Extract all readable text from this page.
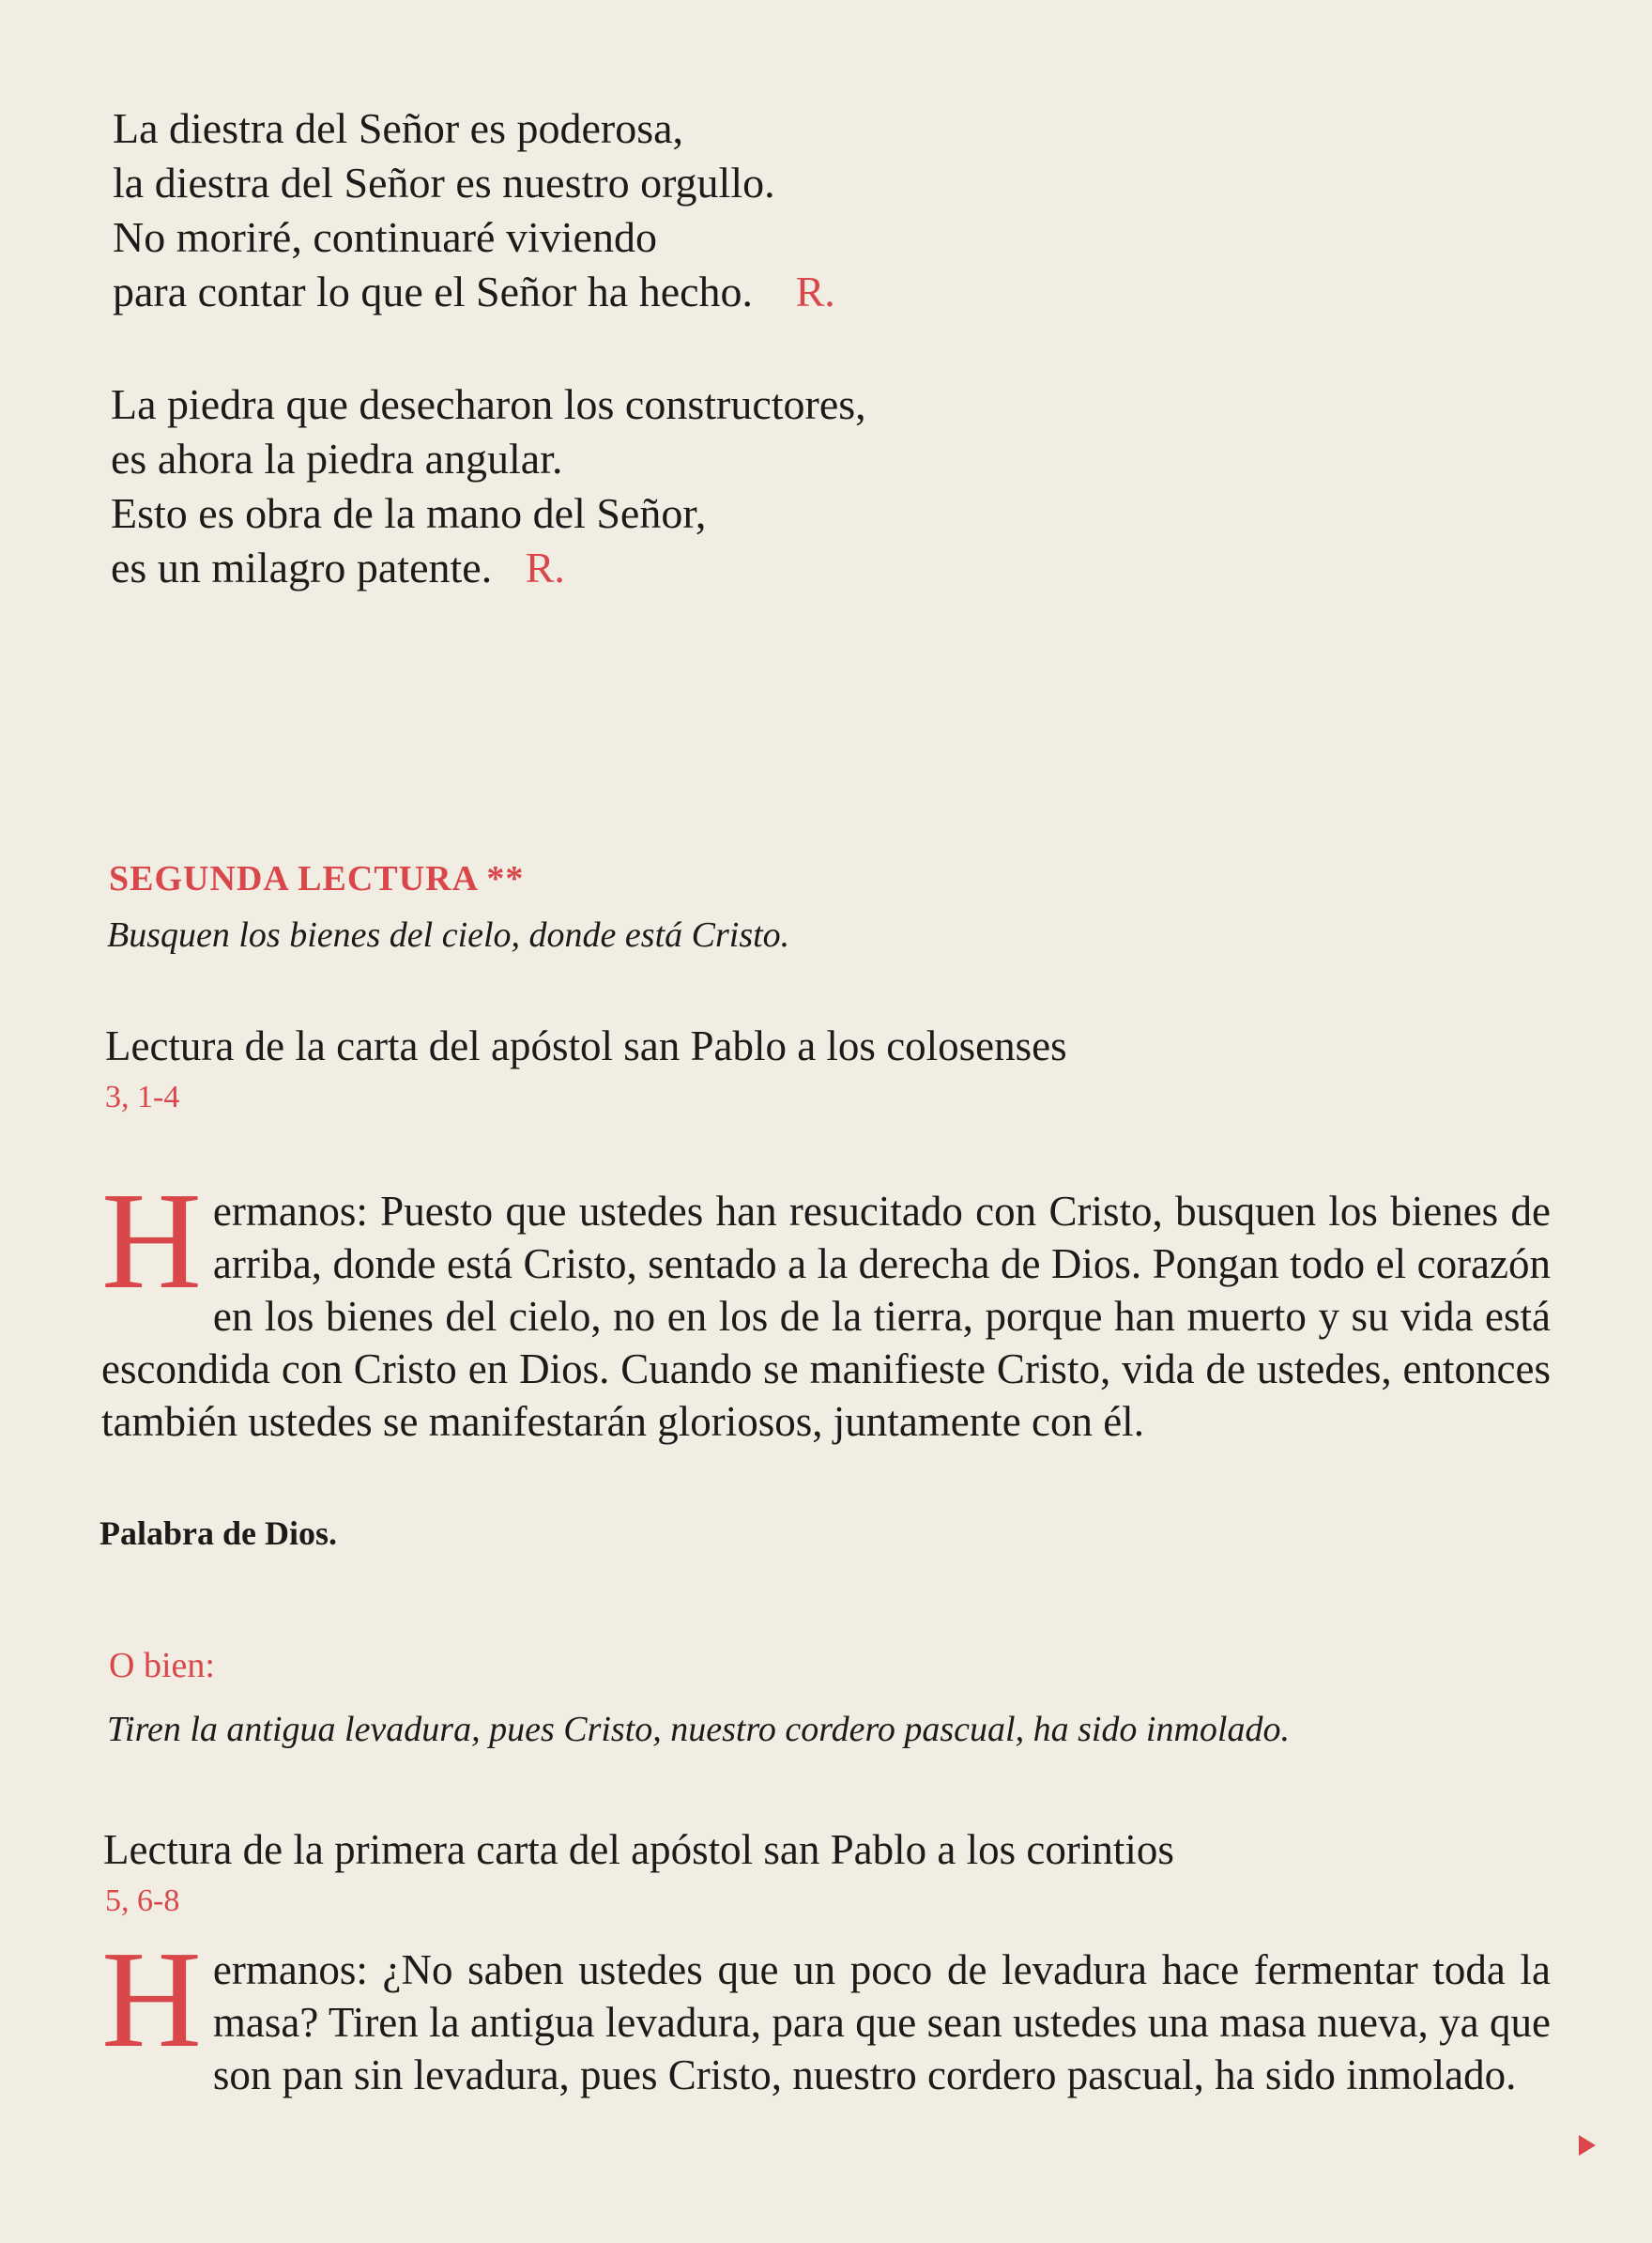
La diestra del Señor es poderosa,
la diestra del Señor es nuestro orgullo.
No moriré, continuaré viviendo
para contar lo que el Señor ha hecho. R.
La piedra que desecharon los constructores,
es ahora la piedra angular.
Esto es obra de la mano del Señor,
es un milagro patente. R.
SEGUNDA LECTURA **
Busquen los bienes del cielo, donde está Cristo.
Lectura de la carta del apóstol san Pablo a los colosenses
3, 1-4
Hermanos: Puesto que ustedes han resucitado con Cristo, busquen los bienes de arriba, donde está Cristo, sentado a la derecha de Dios. Pongan todo el corazón en los bienes del cielo, no en los de la tierra, porque han muerto y su vida está escondida con Cristo en Dios. Cuando se manifieste Cristo, vida de ustedes, entonces también ustedes se manifestarán gloriosos, juntamente con él.
Palabra de Dios.
O bien:
Tiren la antigua levadura, pues Cristo, nuestro cordero pascual, ha sido inmolado.
Lectura de la primera carta del apóstol san Pablo a los corintios
5, 6-8
Hermanos: ¿No saben ustedes que un poco de levadura hace fermentar toda la masa? Tiren la antigua levadura, para que sean ustedes una masa nueva, ya que son pan sin levadura, pues Cristo, nuestro cordero pascual, ha sido inmolado.
